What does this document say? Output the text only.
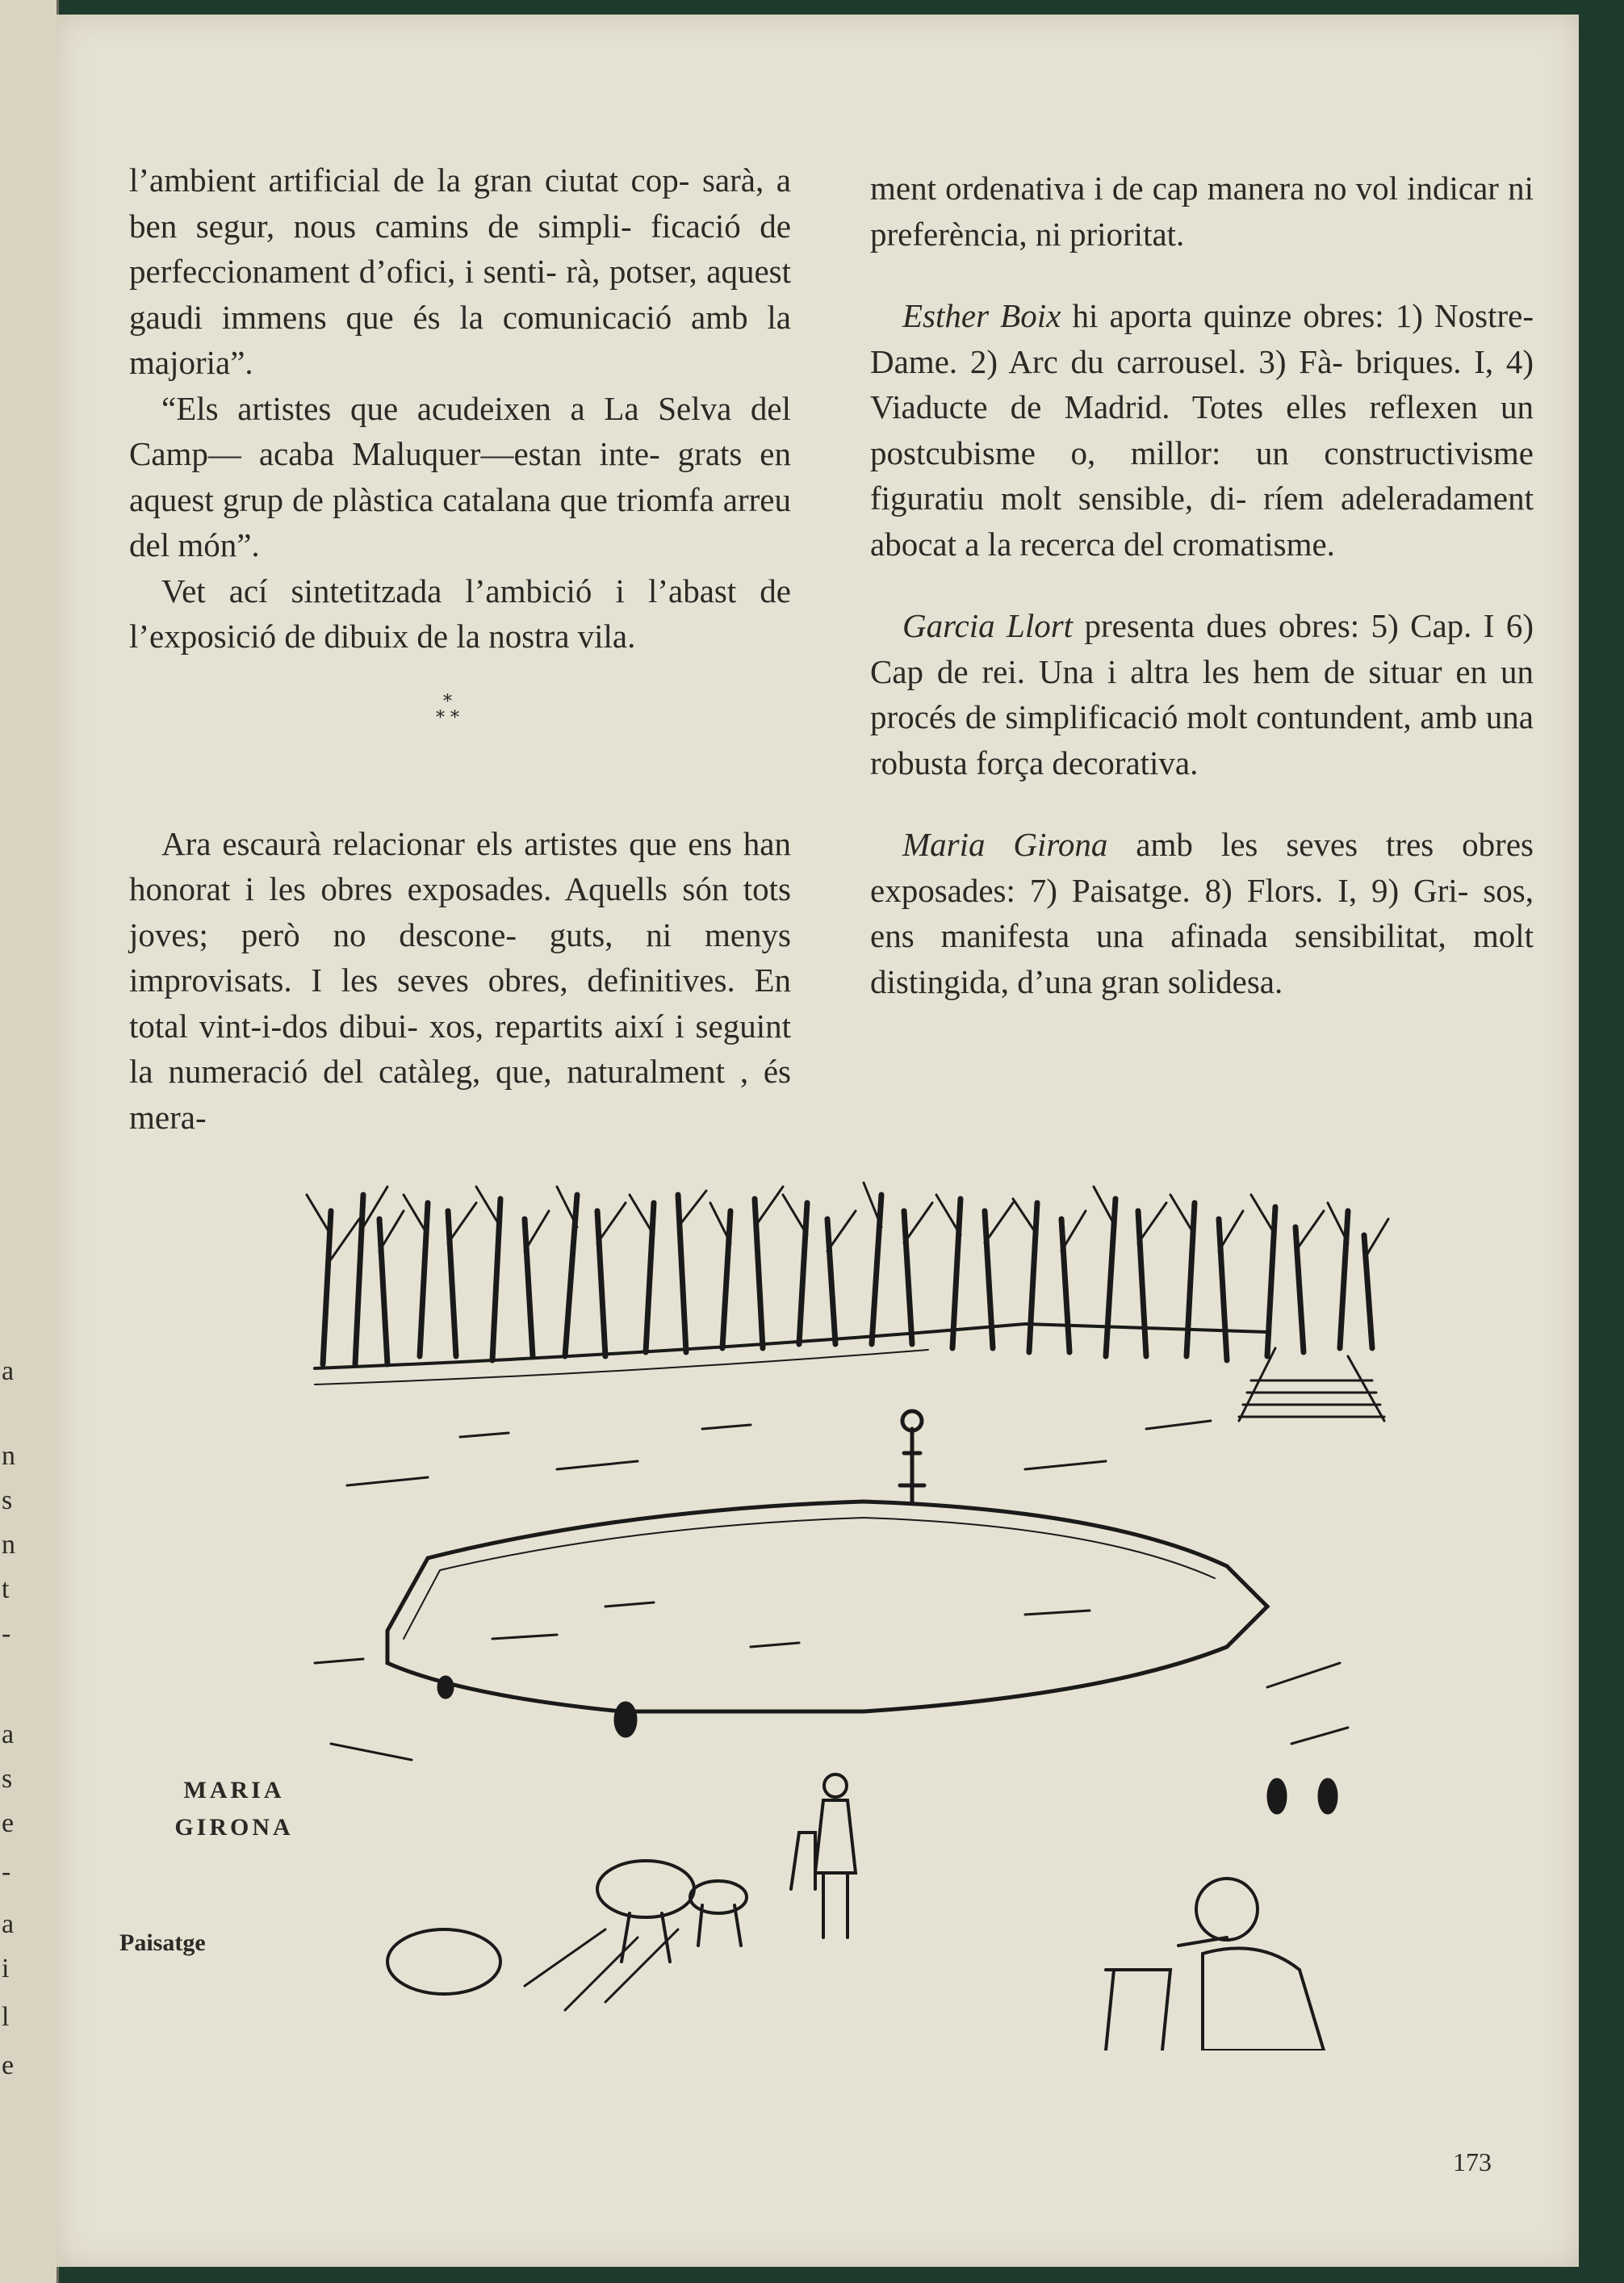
a
n
s
n
t
-
a
s
e
-
a
i
l
e

l’ambient artificial de la gran ciutat cop- sarà, a ben segur, nous camins de simpli- ficació de perfeccionament d’ofici, i senti- rà, potser, aquest gaudi immens que és la comunicació amb la majoria”.

“Els artistes que acudeixen a La Selva del Camp— acaba Maluquer—estan inte- grats en aquest grup de plàstica catalana que triomfa arreu del món”.

Vet ací sintetitzada l’ambició i l’abast de l’exposició de dibuix de la nostra vila.

Ara escaurà relacionar els artistes que ens han honorat i les obres exposades. Aquells són tots joves; però no descone- guts, ni menys improvisats. I les seves obres, definitives. En total vint-i-dos dibui- xos, repartits així i seguint la numeració del catàleg, que, naturalment , és mera-

*
* *

ment ordenativa i de cap manera no vol indicar ni preferència, ni prioritat.

Esther Boix hi aporta quinze obres: 1) Nostre-Dame. 2) Arc du carrousel. 3) Fà- briques. I, 4) Viaducte de Madrid. Totes elles reflexen un postcubisme o, millor: un constructivisme figuratiu molt sensible, di- ríem adeleradament abocat a la recerca del cromatisme.

Garcia Llort presenta dues obres: 5) Cap. I 6) Cap de rei. Una i altra les hem de situar en un procés de simplificació molt contundent, amb una robusta força decorativa.

Maria Girona amb les seves tres obres exposades: 7) Paisatge. 8) Flors. I, 9) Gri- sos, ens manifesta una afinada sensibilitat, molt distingida, d’una gran solidesa.

MARIA
GIRONA
Paisatge
173
